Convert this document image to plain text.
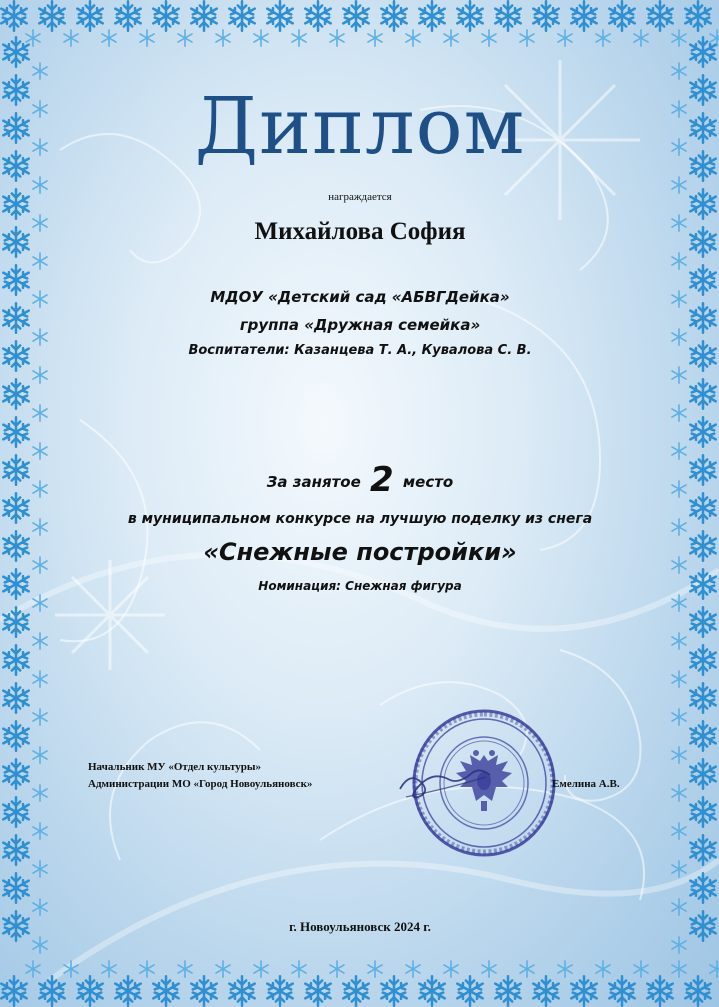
Диплом
награждается
Михайлова София
МДОУ «Детский сад «АБВГДейка»
группа «Дружная семейка»
Воспитатели: Казанцева Т. А., Кувалова С. В.
За занятое 2 место
в муниципальном конкурсе на лучшую поделку из снега
«Снежные постройки»
Номинация: Снежная фигура
Начальник МУ «Отдел культуры»
Администрации МО «Город Новоульяновск»	Емелина А.В.
г. Новоульяновск 2024 г.
